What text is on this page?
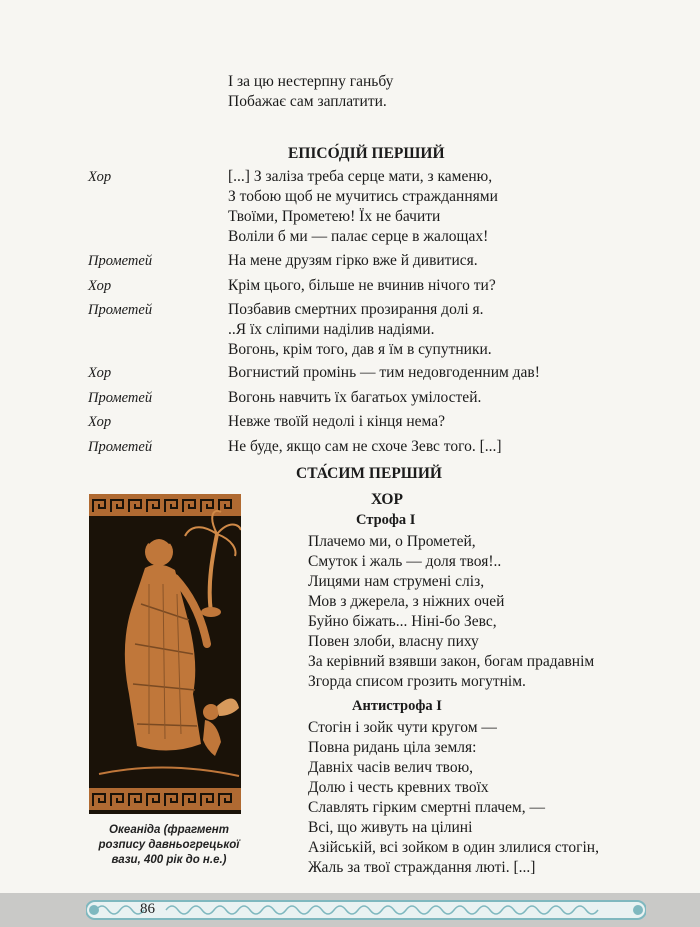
І за цю нестерпну ганьбу
Побажає сам заплатити.
ЕПІСО́ДІЙ ПЕРШИЙ
Хор	[...] З заліза треба серце мати, з каменю,
З тобою щоб не мучитись стражданнями
Твоїми, Прометею! Їх не бачити
Воліли б ми — палає серце в жалощах!
Прометей	На мене друзям гірко вже й дивитися.
Хор	Крім цього, більше не вчинив нічого ти?
Прометей	Позбавив смертних прозирання долі я.
..Я їх сліпими наділив надіями.
Вогонь, крім того, дав я їм в супутники.
Хор	Вогнистий промінь — тим недовгоденним дав!
Прометей	Вогонь навчить їх багатьох умілостей.
Хор	Невже твоїй недолі і кінця нема?
Прометей	Не буде, якщо сам не схоче Зевс того. [...]
СТА́СИМ ПЕРШИЙ
ХОР
Строфа І
Плачемо ми, о Прометей,
Смуток і жаль — доля твоя!..
Лицями нам струмені сліз,
Мов з джерела, з ніжних очей
Буйно біжать... Ніні-бо Зевс,
Повен злоби, власну пиху
За керівний взявши закон, богам прадавнім
Згорда списом грозить могутнім.
Антистрофа І
Стогін і зойк чути кругом —
Повна ридань ціла земля:
Давніх часів велич твою,
Долю і честь кревних твоїх
Славлять гірким смертні плачем, —
Всі, що живуть на цілині
Азійській, всі зойком в один злилися стогін,
Жаль за твої страждання люті. [...]
Океаніда (фрагмент
розпису давньогрецької
вази, 400 рік до н.е.)
86
